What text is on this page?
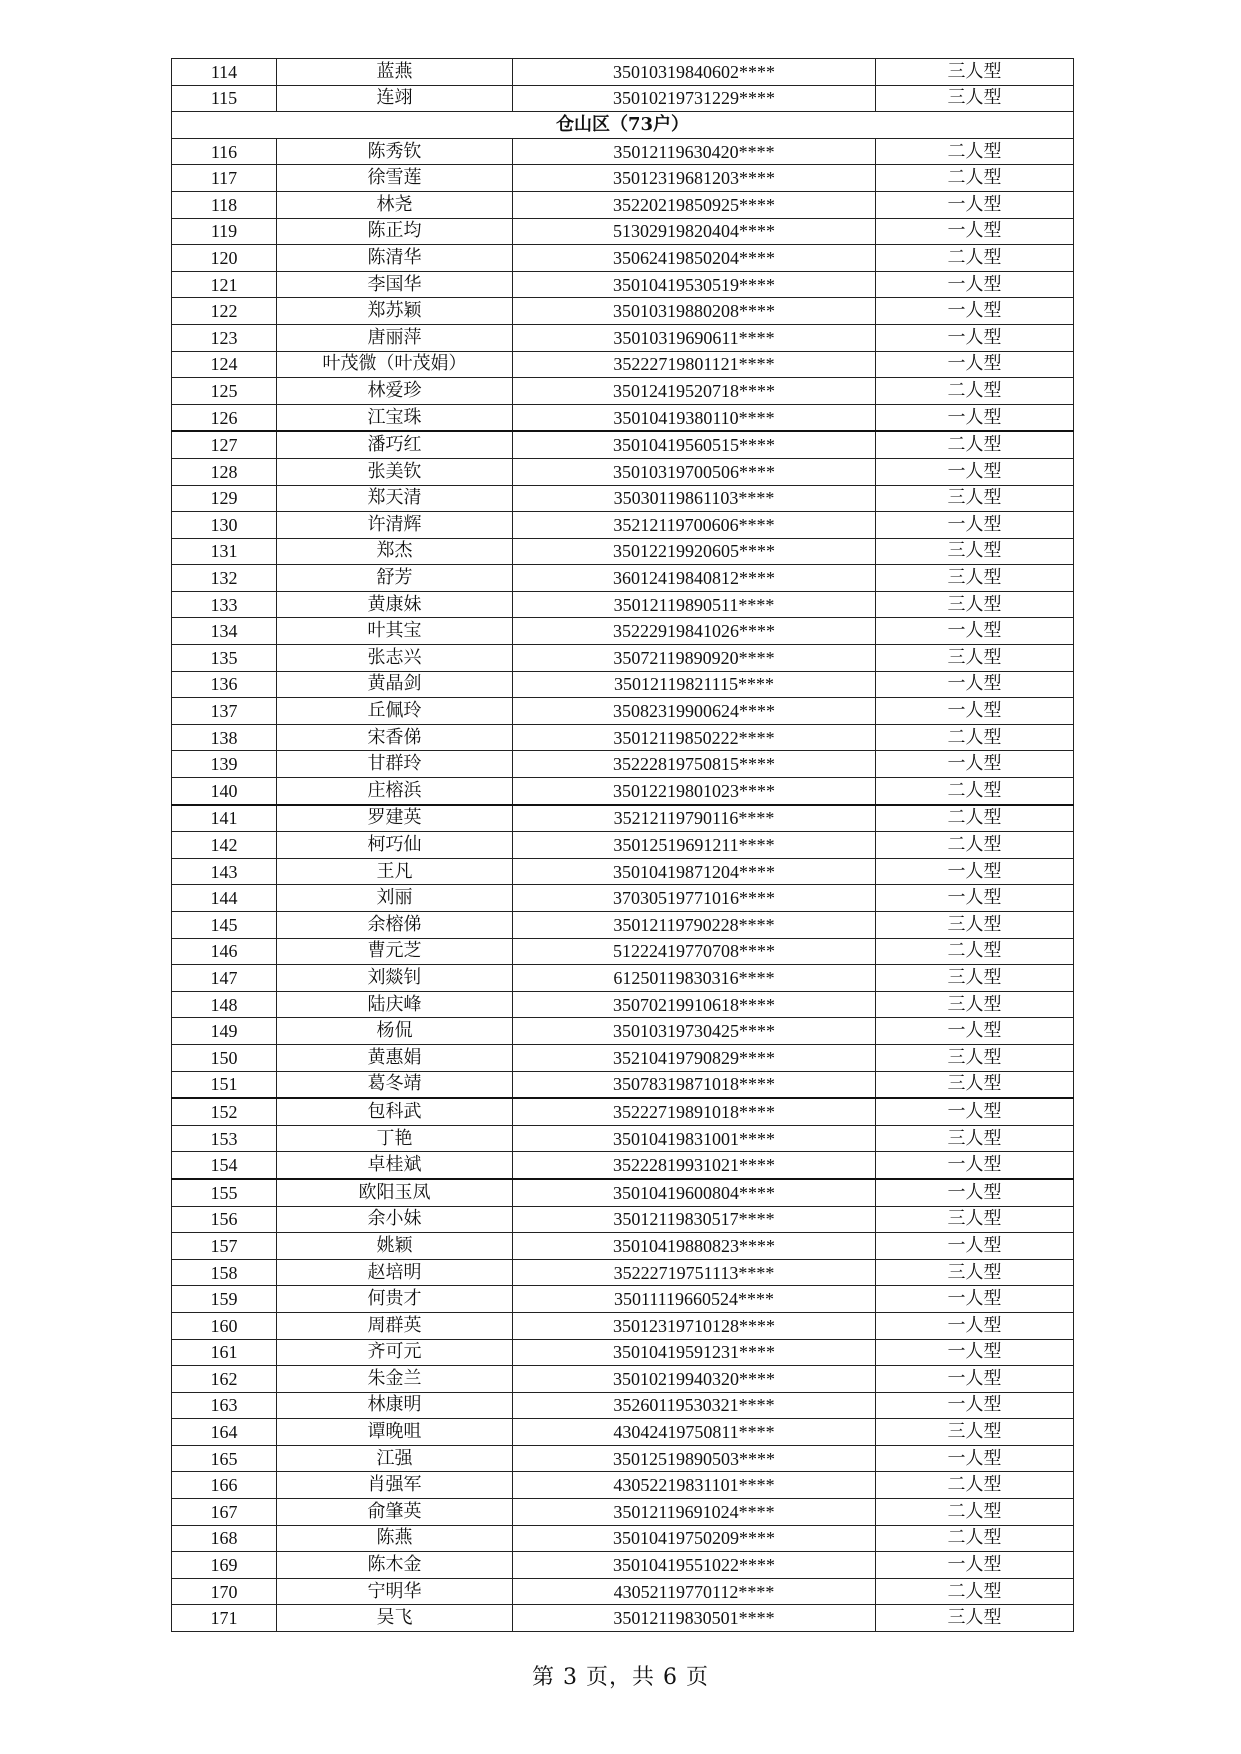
114	蓝燕	35010319840602****	三人型
115	连翊	35010219731229****	三人型
仓山区（73户）			
116	陈秀钦	35012119630420****	二人型
117	徐雪莲	35012319681203****	二人型
118	林尧	35220219850925****	一人型
119	陈正均	51302919820404****	一人型
120	陈清华	35062419850204****	二人型
121	李国华	35010419530519****	一人型
122	郑苏颖	35010319880208****	一人型
123	唐丽萍	35010319690611****	一人型
124	叶茂微（叶茂娟）	35222719801121****	一人型
125	林爱珍	35012419520718****	二人型
126	江宝珠	35010419380110****	一人型
127	潘巧红	35010419560515****	二人型
128	张美钦	35010319700506****	一人型
129	郑天清	35030119861103****	三人型
130	许清辉	35212119700606****	一人型
131	郑杰	35012219920605****	三人型
132	舒芳	36012419840812****	三人型
133	黄康妹	35012119890511****	三人型
134	叶其宝	35222919841026****	一人型
135	张志兴	35072119890920****	三人型
136	黄晶剑	35012119821115****	一人型
137	丘佩玲	35082319900624****	一人型
138	宋香俤	35012119850222****	二人型
139	甘群玲	35222819750815****	一人型
140	庄榕浜	35012219801023****	二人型
141	罗建英	35212119790116****	二人型
142	柯巧仙	35012519691211****	二人型
143	王凡	35010419871204****	一人型
144	刘丽	37030519771016****	一人型
145	余榕俤	35012119790228****	三人型
146	曹元芝	51222419770708****	二人型
147	刘燚钊	61250119830316****	三人型
148	陆庆峰	35070219910618****	三人型
149	杨侃	35010319730425****	一人型
150	黄惠娟	35210419790829****	三人型
151	葛冬靖	35078319871018****	三人型
152	包科武	35222719891018****	一人型
153	丁艳	35010419831001****	三人型
154	卓桂斌	35222819931021****	一人型
155	欧阳玉凤	35010419600804****	一人型
156	余小妹	35012119830517****	三人型
157	姚颖	35010419880823****	一人型
158	赵培明	35222719751113****	三人型
159	何贵才	35011119660524****	一人型
160	周群英	35012319710128****	一人型
161	齐可元	35010419591231****	一人型
162	朱金兰	35010219940320****	一人型
163	林康明	35260119530321****	一人型
164	谭晚咀	43042419750811****	三人型
165	江强	35012519890503****	一人型
166	肖强军	43052219831101****	二人型
167	俞肇英	35012119691024****	二人型
168	陈燕	35010419750209****	二人型
169	陈木金	35010419551022****	一人型
170	宁明华	43052119770112****	二人型
171	吴飞	35012119830501****	三人型
第 3 页，共 6 页
